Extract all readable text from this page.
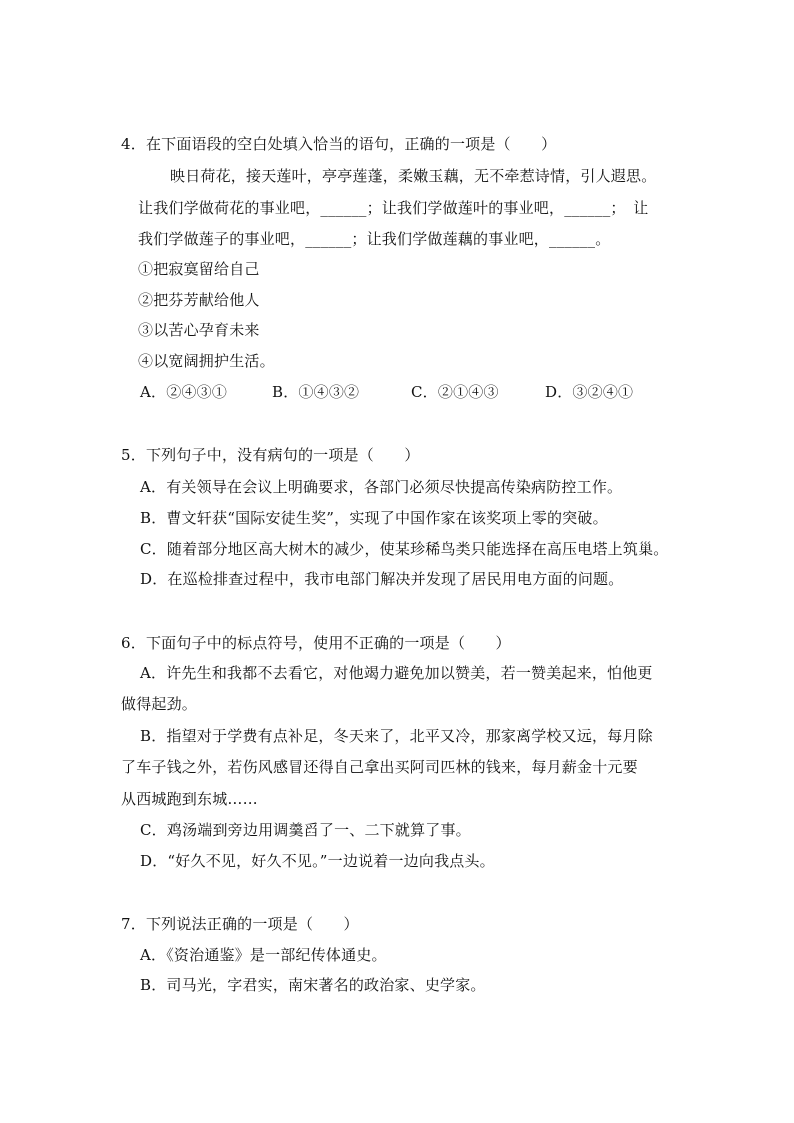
4．在下面语段的空白处填入恰当的语句，正确的一项是（　　）
映日荷花，接天莲叶，亭亭莲蓬，柔嫩玉藕，无不牵惹诗情，引人遐思。
让我们学做荷花的事业吧，______；让我们学做莲叶的事业吧，______；　让
我们学做莲子的事业吧，______；让我们学做莲藕的事业吧，______。
①把寂寞留给自己
②把芬芳献给他人
③以苦心孕育未来
④以宽阔拥护生活。
A．②④③①	B．①④③②	C．②①④③	D．③②④①
5．下列句子中，没有病句的一项是（　　）
A．有关领导在会议上明确要求，各部门必须尽快提高传染病防控工作。
B．曹文轩获“国际安徒生奖”，实现了中国作家在该奖项上零的突破。
C．随着部分地区高大树木的减少，使某珍稀鸟类只能选择在高压电塔上筑巢。
D．在巡检排查过程中，我市电部门解决并发现了居民用电方面的问题。
6．下面句子中的标点符号，使用不正确的一项是（　　）
A．许先生和我都不去看它，对他竭力避免加以赞美，若一赞美起来，怕他更
做得起劲。
B．指望对于学费有点补足，冬天来了，北平又冷，那家离学校又远，每月除
了车子钱之外，若伤风感冒还得自己拿出买阿司匹林的钱来，每月薪金十元要
从西城跑到东城……
C．鸡汤端到旁边用调羹舀了一、二下就算了事。
D．“好久不见，好久不见。”一边说着一边向我点头。
7．下列说法正确的一项是（　　）
A．《资治通鉴》是一部纪传体通史。
B．司马光，字君实，南宋著名的政治家、史学家。
